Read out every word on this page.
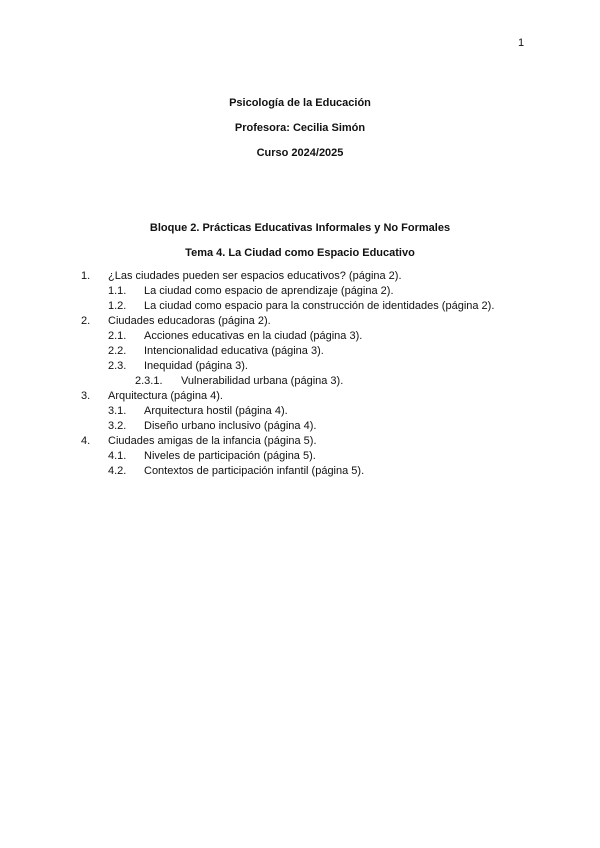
1
Psicología de la Educación
Profesora: Cecilia Simón
Curso 2024/2025
Bloque 2. Prácticas Educativas Informales y No Formales
Tema 4. La Ciudad como Espacio Educativo
1. ¿Las ciudades pueden ser espacios educativos? (página 2).
1.1. La ciudad como espacio de aprendizaje (página 2).
1.2. La ciudad como espacio para la construcción de identidades (página 2).
2. Ciudades educadoras (página 2).
2.1. Acciones educativas en la ciudad (página 3).
2.2. Intencionalidad educativa (página 3).
2.3. Inequidad (página 3).
2.3.1. Vulnerabilidad urbana (página 3).
3. Arquitectura (página 4).
3.1. Arquitectura hostil (página 4).
3.2. Diseño urbano inclusivo (página 4).
4. Ciudades amigas de la infancia (página 5).
4.1. Niveles de participación (página 5).
4.2. Contextos de participación infantil (página 5).
